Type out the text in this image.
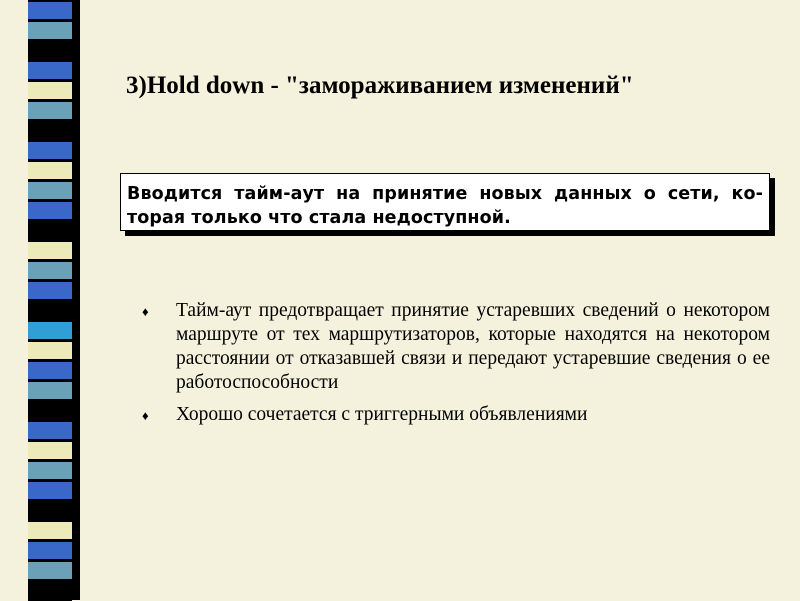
3)Hold down - "замораживанием изменений"
Вводится тайм-аут на принятие новых данных о сети, ко-торая только что стала недоступной.
♦ Тайм-аут предотвращает принятие устаревших сведений о некотором маршруте от тех маршрутизаторов, которые находятся на некотором расстоянии от отказавшей связи и передают устаревшие сведения о ее работоспособности
♦ Хорошо сочетается с триггерными объявлениями
